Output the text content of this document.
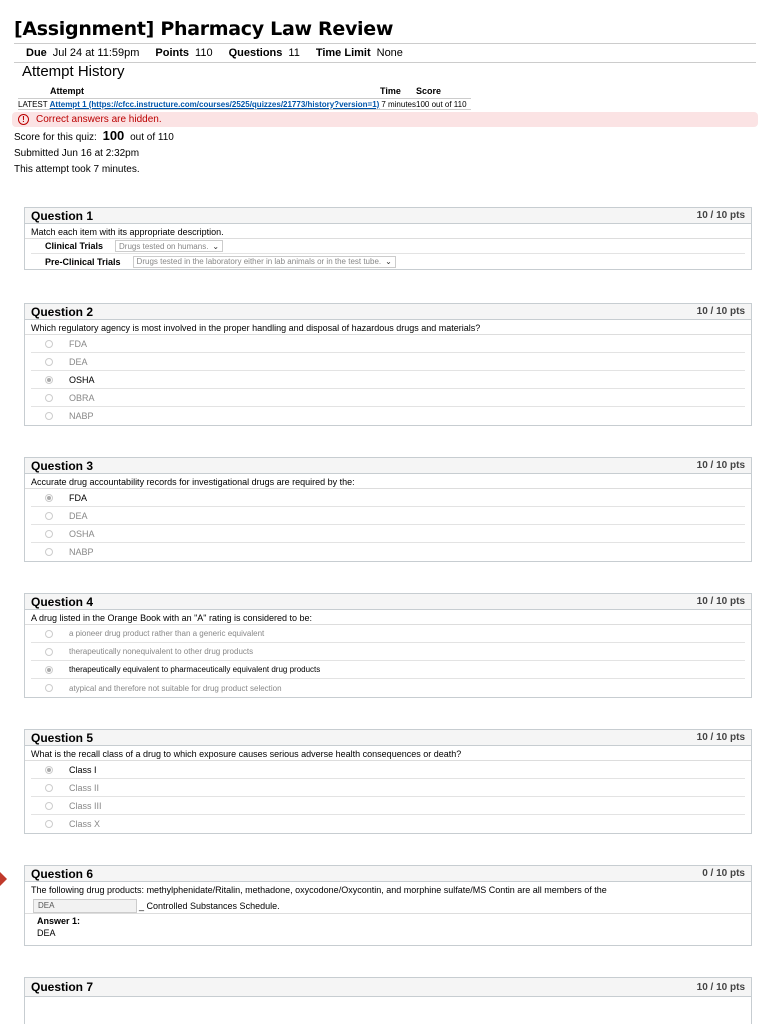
[Assignment] Pharmacy Law Review
Due Jul 24 at 11:59pm Points 110 Questions 11 Time Limit None
Attempt History
Attempt	Time Score
LATEST Attempt 1 (https://cfcc.instructure.com/courses/2525/quizzes/21773/history?version=1) 7 minutes 100 out of 110
!	Correct answers are hidden.
Score for this quiz: 100 out of 110
Submitted Jun 16 at 2:32pm
This attempt took 7 minutes.
Question 1	10 / 10 pts
Match each item with its appropriate description.
Clinical Trials Drugs tested on humans. ⌄
Pre-Clinical Trials Drugs tested in the laboratory either in lab animals or in the test tube. ⌄
Question 2	10 / 10 pts
Which regulatory agency is most involved in the proper handling and disposal of hazardous drugs and materials?
FDA
DEA
OSHA
OBRA
NABP
Question 3	10 / 10 pts
Accurate drug accountability records for investigational drugs are required by the:
FDA
DEA
OSHA
NABP
Question 4	10 / 10 pts
A drug listed in the Orange Book with an "A" rating is considered to be:
a pioneer drug product rather than a generic equivalent
therapeutically nonequivalent to other drug products
therapeutically equivalent to pharmaceutically equivalent drug products
atypical and therefore not suitable for drug product selection
Question 5	10 / 10 pts
What is the recall class of a drug to which exposure causes serious adverse health consequences or death?
Class I
Class II
Class III
Class X
Question 6	0 / 10 pts
The following drug products: methylphenidate/Ritalin, methadone, oxycodone/Oxycontin, and morphine sulfate/MS Contin are all members of the
DEA	_ Controlled Substances Schedule.
Answer 1:
DEA
Question 7	10 / 10 pts
